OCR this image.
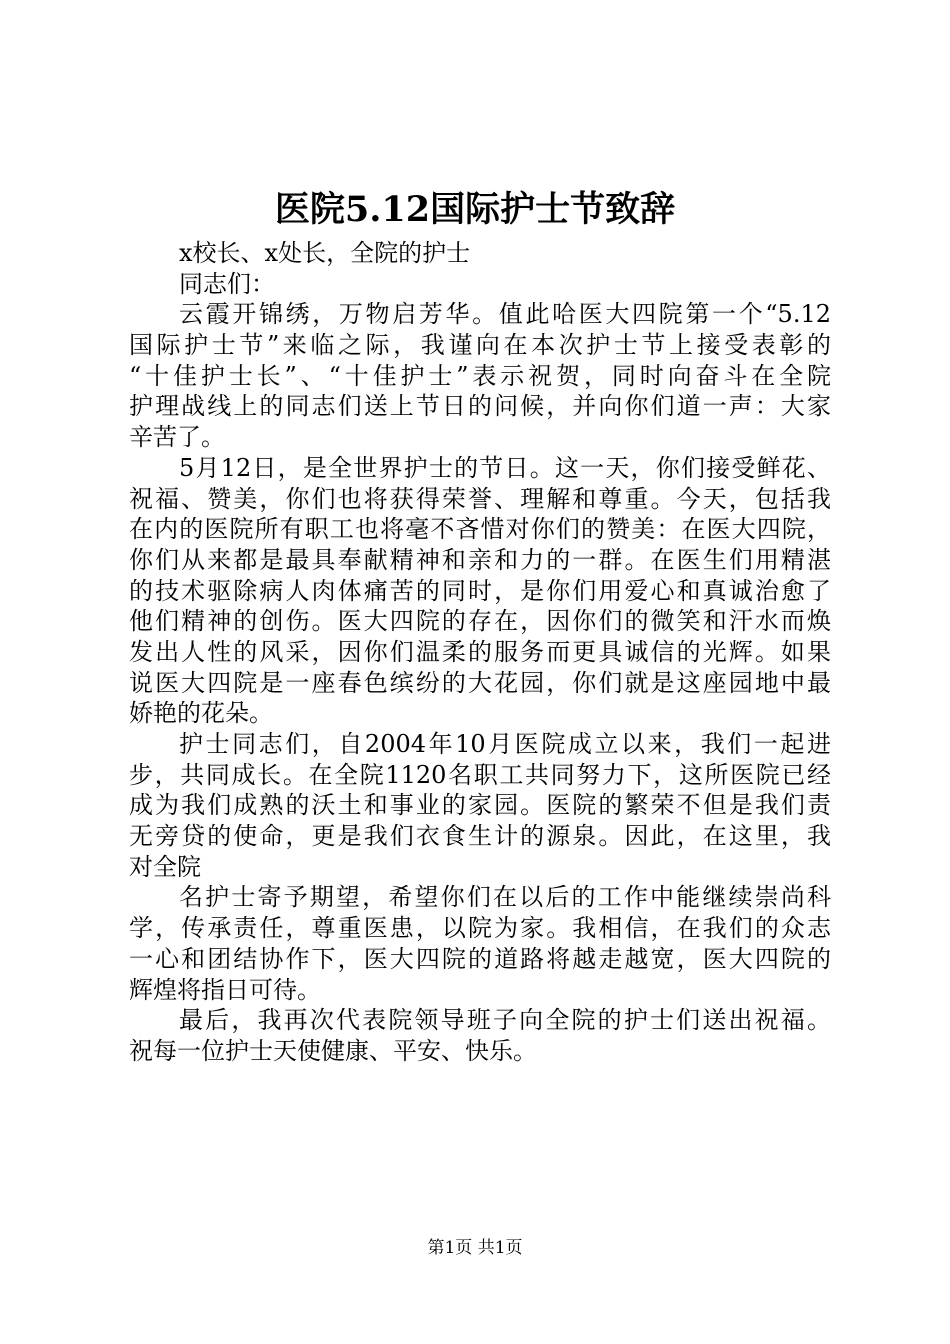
医院5.12国际护士节致辞
x校长、x处长，全院的护士
同志们：
云霞开锦绣，万物启芳华。值此哈医大四院第一个“5.12
国际护士节”来临之际，我谨向在本次护士节上接受表彰的
“十佳护士长”、“十佳护士”表示祝贺，同时向奋斗在全院
护理战线上的同志们送上节日的问候，并向你们道一声：大家
辛苦了。
5月12日，是全世界护士的节日。这一天，你们接受鲜花、
祝福、赞美，你们也将获得荣誉、理解和尊重。今天，包括我
在内的医院所有职工也将毫不吝惜对你们的赞美：在医大四院，
你们从来都是最具奉献精神和亲和力的一群。在医生们用精湛
的技术驱除病人肉体痛苦的同时，是你们用爱心和真诚治愈了
他们精神的创伤。医大四院的存在，因你们的微笑和汗水而焕
发出人性的风采，因你们温柔的服务而更具诚信的光辉。如果
说医大四院是一座春色缤纷的大花园，你们就是这座园地中最
娇艳的花朵。
护士同志们，自2004年10月医院成立以来，我们一起进
步，共同成长。在全院1120名职工共同努力下，这所医院已经
成为我们成熟的沃土和事业的家园。医院的繁荣不但是我们责
无旁贷的使命，更是我们衣食生计的源泉。因此，在这里，我
对全院
名护士寄予期望，希望你们在以后的工作中能继续崇尚科
学，传承责任，尊重医患，以院为家。我相信，在我们的众志
一心和团结协作下，医大四院的道路将越走越宽，医大四院的
辉煌将指日可待。
最后，我再次代表院领导班子向全院的护士们送出祝福。
祝每一位护士天使健康、平安、快乐。
第1页 共1页
